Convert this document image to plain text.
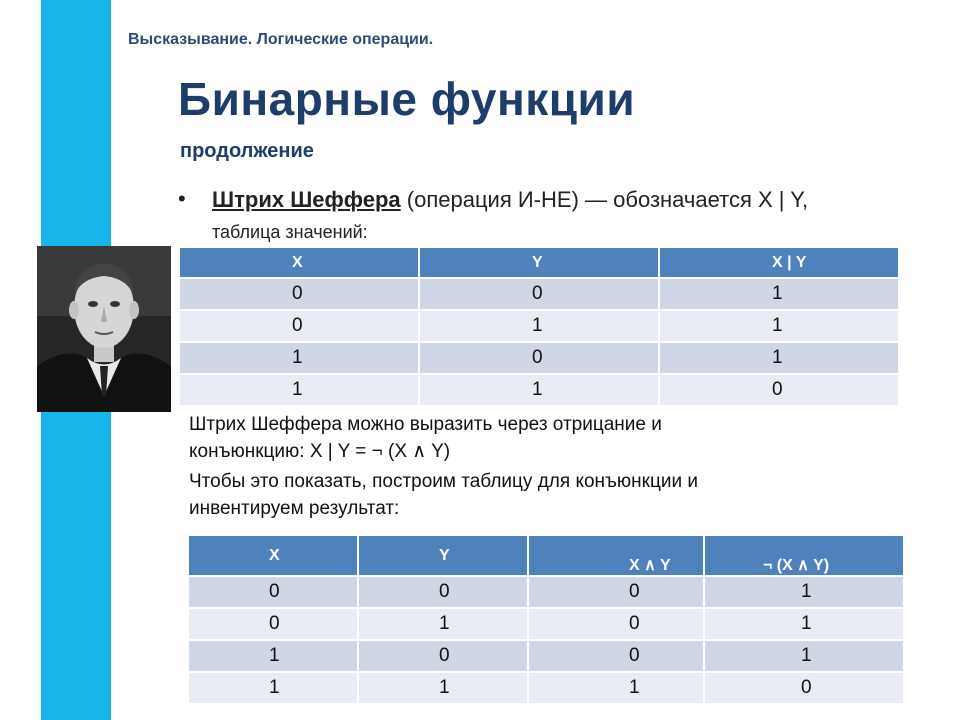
Высказывание. Логические операции.
Бинарные функции
продолжение
• Штрих Шеффера (операция И-НЕ) — обозначается X | Y,
таблица значений:
X	Y	X | Y
0	0	1
0	1	1
1	0	1
1	1	0
Штрих Шеффера можно выразить через отрицание и
конъюнкцию: X | Y = ¬ (X ∧ Y)
Чтобы это показать, построим таблицу для конъюнкции и
инвентируем результат:
X	Y	X ∧ Y	¬ (X ∧ Y)
0	0	0	1
0	1	0	1
1	0	0	1
1	1	1	0
